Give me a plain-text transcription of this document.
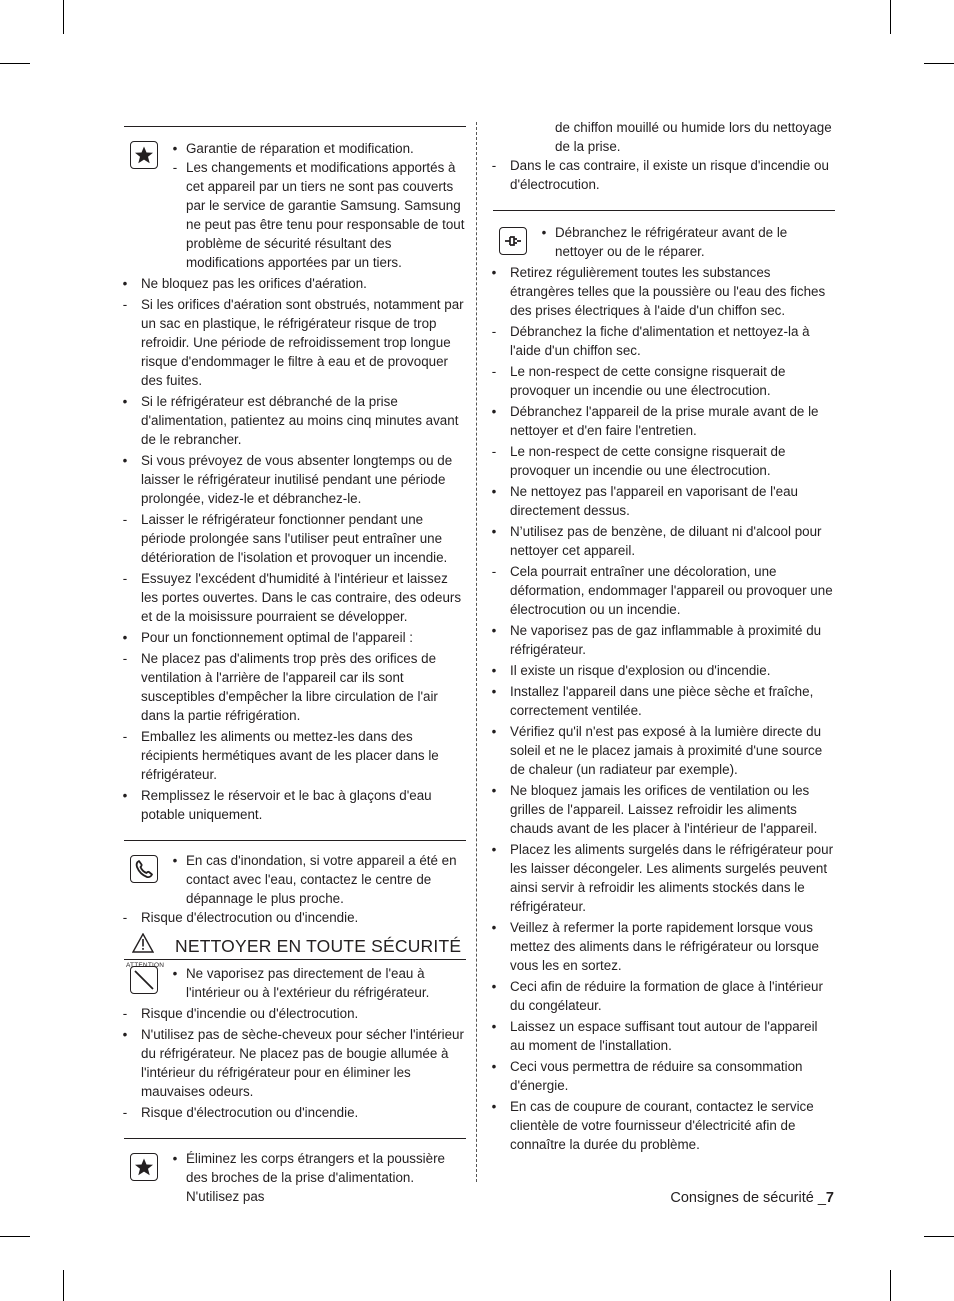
• Garantie de réparation et modification.

- Les changements et modifications apportés à cet appareil par un tiers ne sont pas couverts par le service de garantie Samsung. Samsung ne peut pas être tenu pour responsable de tout problème de sécurité résultant des modifications apportées par un tiers.

•	Ne bloquez pas les orifices d'aération.

-	Si les orifices d'aération sont obstrués, notamment par un sac en plastique, le réfrigérateur risque de trop refroidir. Une période de refroidissement trop longue risque d'endommager le filtre à eau et de provoquer des fuites.

•	Si le réfrigérateur est débranché de la prise d'alimentation, patientez au moins cinq minutes avant de le rebrancher.

•	Si vous prévoyez de vous absenter longtemps ou de laisser le réfrigérateur inutilisé pendant une période prolongée, videz-le et débranchez-le.

-	Laisser le réfrigérateur fonctionner pendant une période prolongée sans l'utiliser peut entraîner une détérioration de l'isolation et provoquer un incendie.

-	Essuyez l'excédent d'humidité à l'intérieur et laissez les portes ouvertes. Dans le cas contraire, des odeurs et de la moisissure pourraient se développer.

•	Pour un fonctionnement optimal de l'appareil :

-	Ne placez pas d'aliments trop près des orifices de ventilation à l'arrière de l'appareil car ils sont susceptibles d'empêcher la libre circulation de l'air dans la partie réfrigération.

-	Emballez les aliments ou mettez-les dans des récipients hermétiques avant de les placer dans le réfrigérateur.

•	Remplissez le réservoir et le bac à glaçons d'eau potable uniquement.

• En cas d'inondation, si votre appareil a été en contact avec l'eau, contactez le centre de dépannage le plus proche.

-	Risque d'électrocution ou d'incendie.

ATTENTION
NETTOYER EN TOUTE SÉCURITÉ

• Ne vaporisez pas directement de l'eau à l'intérieur ou à l'extérieur du réfrigérateur.

-	Risque d'incendie ou d'électrocution.

•	N'utilisez pas de sèche-cheveux pour sécher l'intérieur du réfrigérateur. Ne placez pas de bougie allumée à l'intérieur du réfrigérateur pour en éliminer les mauvaises odeurs.

-	Risque d'électrocution ou d'incendie.

• Éliminez les corps étrangers et la poussière des broches de la prise d'alimentation. N'utilisez pas

de chiffon mouillé ou humide lors du nettoyage de la prise.

-	Dans le cas contraire, il existe un risque d'incendie ou d'électrocution.

• Débranchez le réfrigérateur avant de le nettoyer ou de le réparer.

•	Retirez régulièrement toutes les substances étrangères telles que la poussière ou l'eau des fiches des prises électriques à l'aide d'un chiffon sec.

-	Débranchez la fiche d'alimentation et nettoyez-la à l'aide d'un chiffon sec.

-	Le non-respect de cette consigne risquerait de provoquer un incendie ou une électrocution.

•	Débranchez l'appareil de la prise murale avant de le nettoyer et d'en faire l'entretien.

-	Le non-respect de cette consigne risquerait de provoquer un incendie ou une électrocution.

•	Ne nettoyez pas l'appareil en vaporisant de l'eau directement dessus.

•	N’utilisez pas de benzène, de diluant ni d'alcool pour nettoyer cet appareil.

-	Cela pourrait entraîner une décoloration, une déformation, endommager l'appareil ou provoquer une électrocution ou un incendie.

•	Ne vaporisez pas de gaz inflammable à proximité du réfrigérateur.

•	Il existe un risque d'explosion ou d'incendie.

•	Installez l'appareil dans une pièce sèche et fraîche, correctement ventilée.

•	Vérifiez qu'il n'est pas exposé à la lumière directe du soleil et ne le placez jamais à proximité d'une source de chaleur (un radiateur par exemple).

•	Ne bloquez jamais les orifices de ventilation ou les grilles de l'appareil. Laissez refroidir les aliments chauds avant de les placer à l'intérieur de l'appareil.

•	Placez les aliments surgelés dans le réfrigérateur pour les laisser décongeler. Les aliments surgelés peuvent ainsi servir à refroidir les aliments stockés dans le réfrigérateur.

•	Veillez à refermer la porte rapidement lorsque vous mettez des aliments dans le réfrigérateur ou lorsque vous les en sortez.

•	Ceci afin de réduire la formation de glace à l'intérieur du congélateur.

•	Laissez un espace suffisant tout autour de l'appareil au moment de l'installation.

•	Ceci vous permettra de réduire sa consommation d'énergie.

•	En cas de coupure de courant, contactez le service clientèle de votre fournisseur d'électricité afin de connaître la durée du problème.

Consignes de sécurité _7
